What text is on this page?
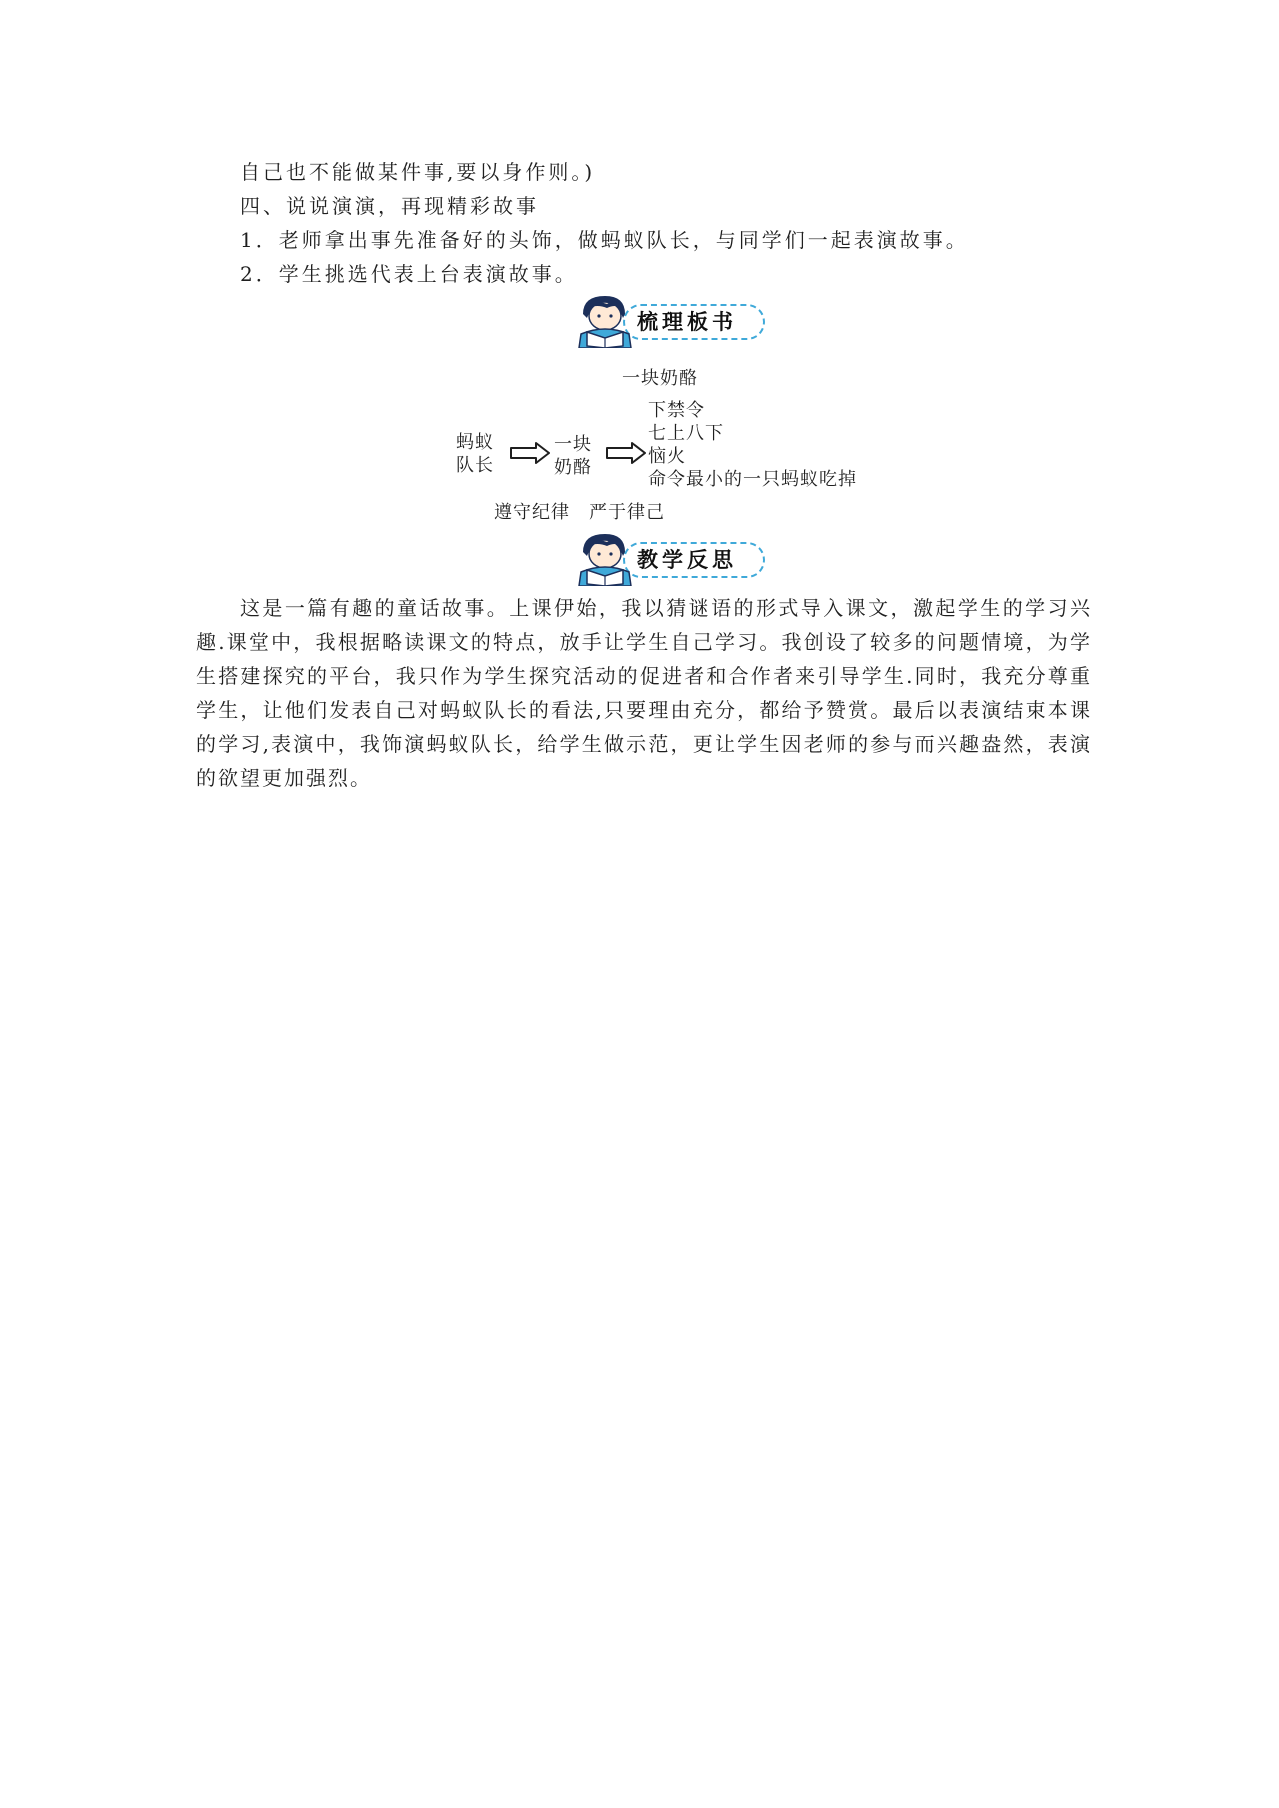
自己也不能做某件事,要以身作则。)
四、说说演演，再现精彩故事
1．老师拿出事先准备好的头饰，做蚂蚁队长，与同学们一起表演故事。
2．学生挑选代表上台表演故事。
梳理板书
一块奶酪
蚂蚁
队长
一块
奶酪
下禁令
七上八下
恼火
命令最小的一只蚂蚁吃掉
遵守纪律　严于律己
教学反思
这是一篇有趣的童话故事。上课伊始，我以猜谜语的形式导入课文，激起学生的学习兴趣.课堂中，我根据略读课文的特点，放手让学生自己学习。我创设了较多的问题情境，为学生搭建探究的平台，我只作为学生探究活动的促进者和合作者来引导学生.同时，我充分尊重学生，让他们发表自己对蚂蚁队长的看法,只要理由充分，都给予赞赏。最后以表演结束本课的学习,表演中，我饰演蚂蚁队长，给学生做示范，更让学生因老师的参与而兴趣盎然，表演的欲望更加强烈。
